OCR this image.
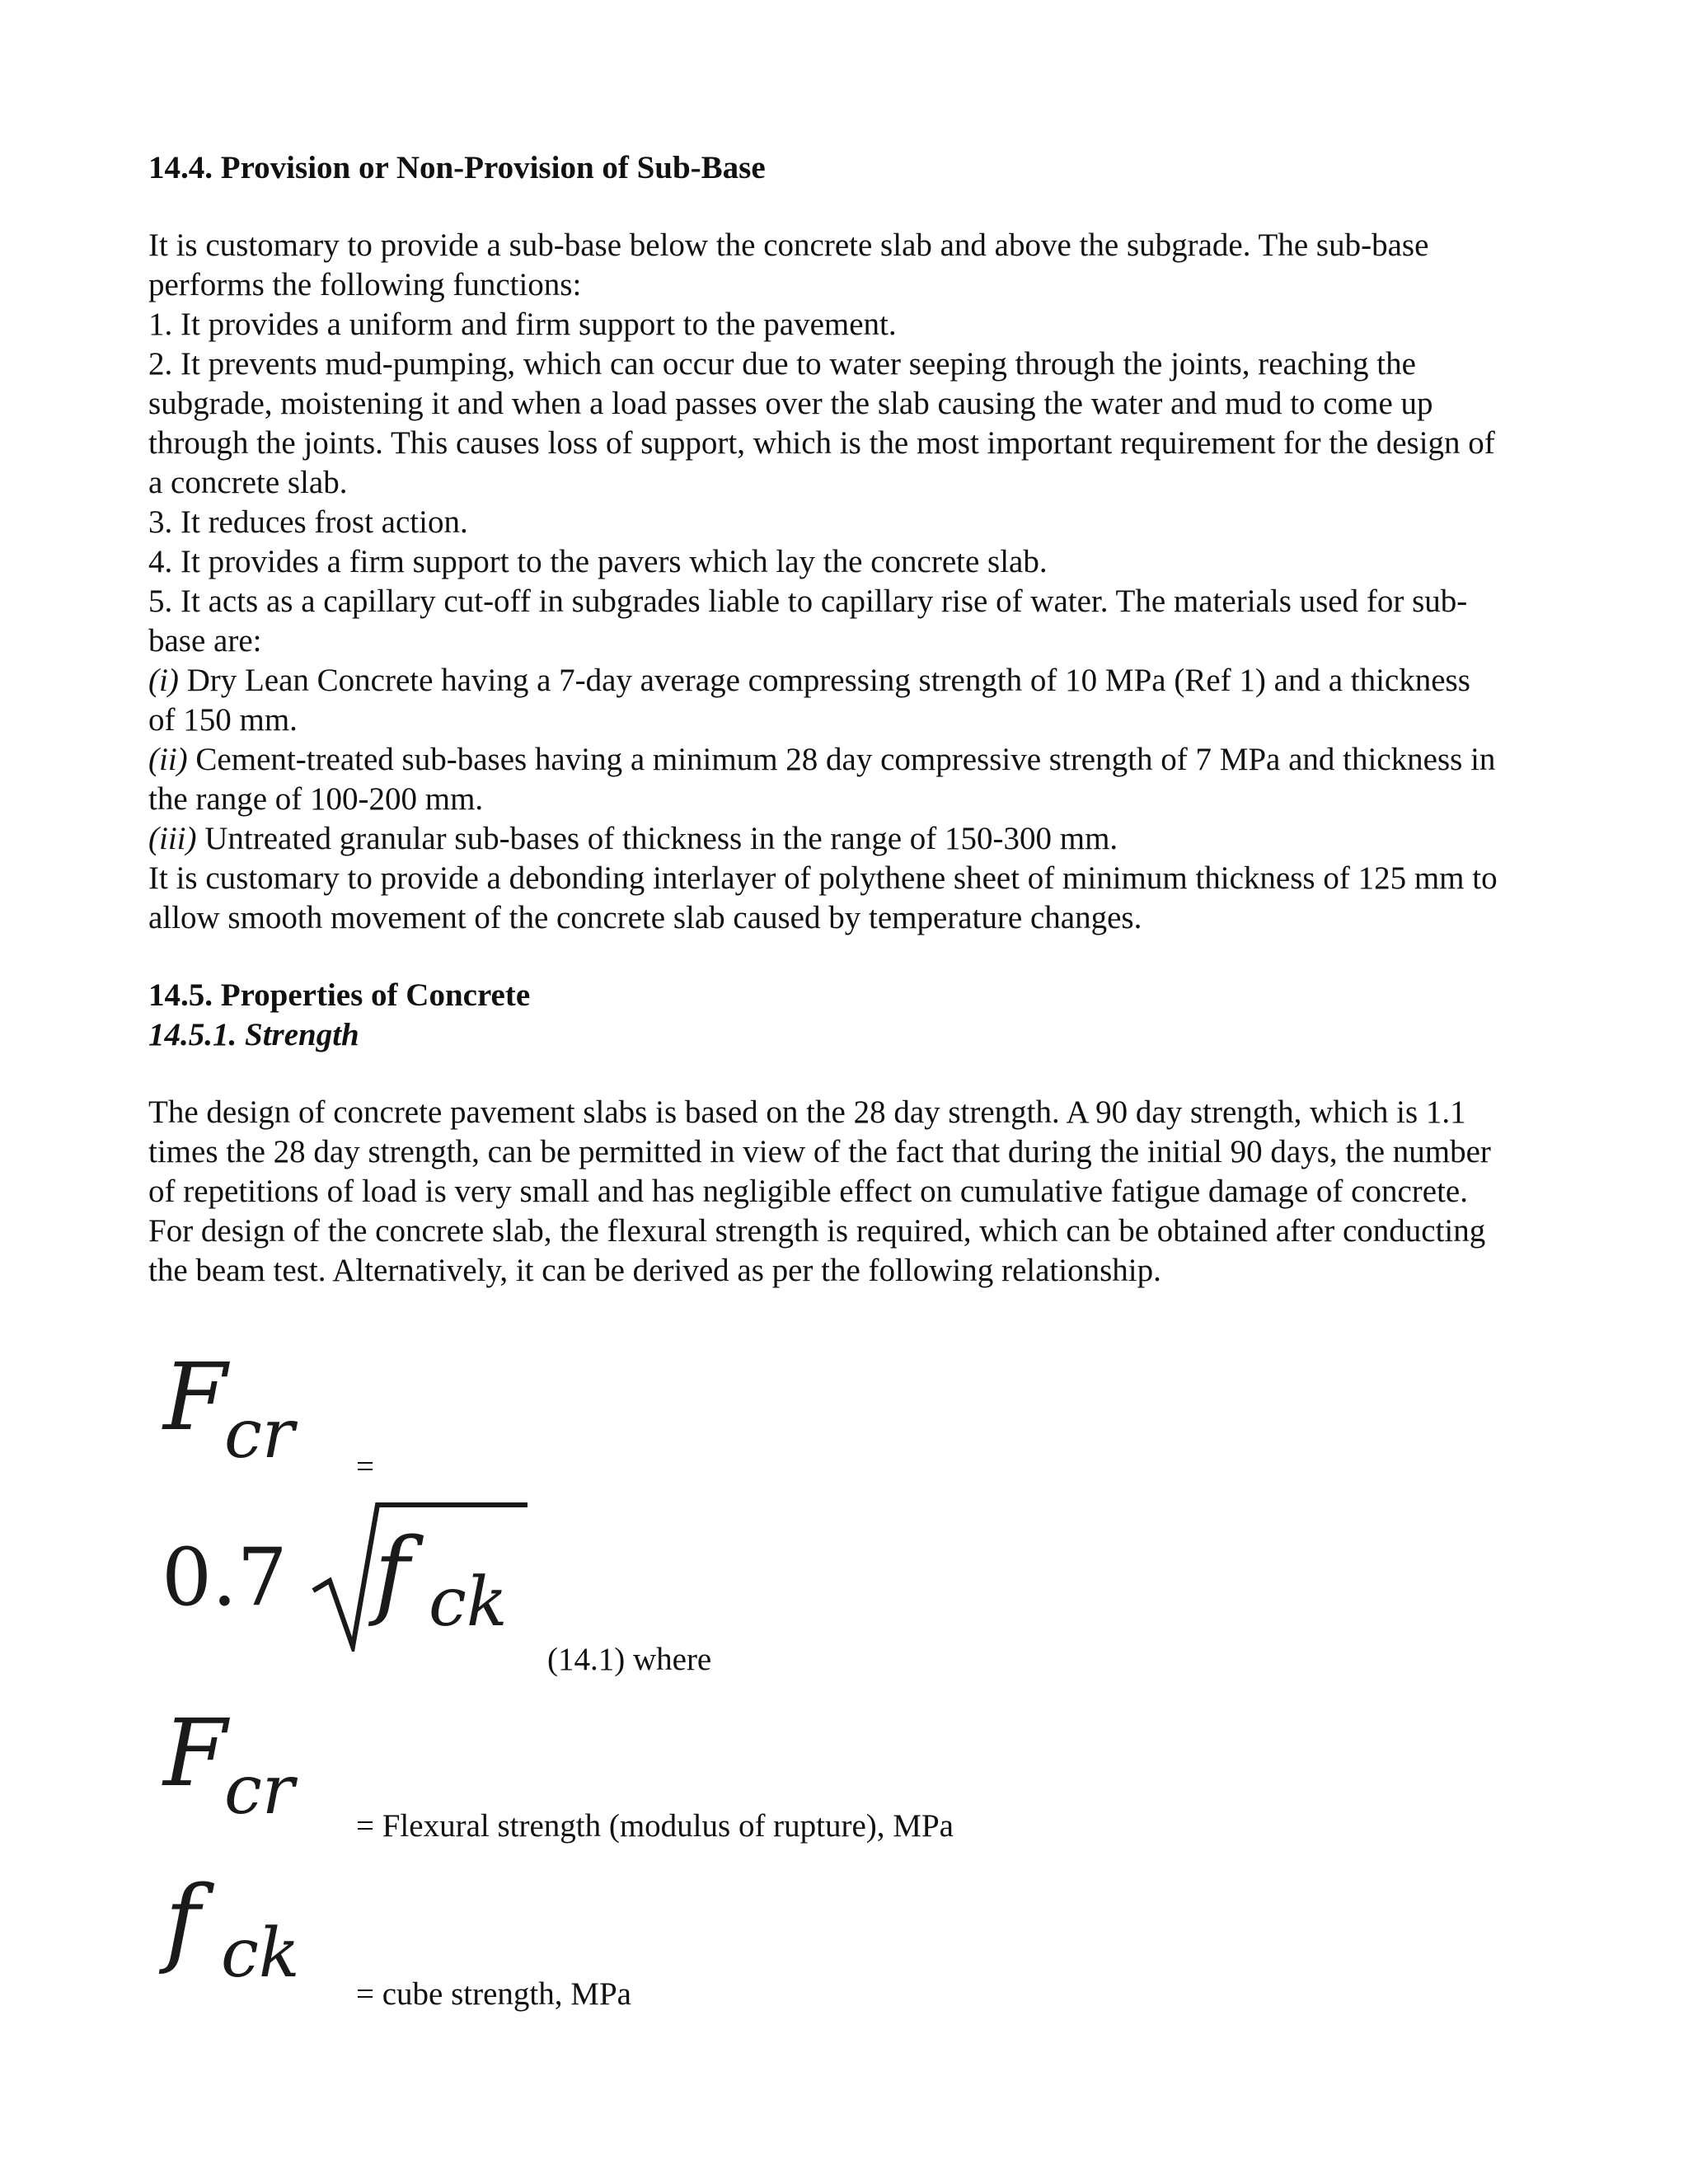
14.4. Provision or Non-Provision of Sub-Base

It is customary to provide a sub-base below the concrete slab and above the subgrade. The sub-base

performs the following functions:

1. It provides a uniform and firm support to the pavement.

2. It prevents mud-pumping, which can occur due to water seeping through the joints, reaching the

subgrade, moistening it and when a load passes over the slab causing the water and mud to come up

through the joints. This causes loss of support, which is the most important requirement for the design of

a concrete slab.

3. It reduces frost action.

4. It provides a firm support to the pavers which lay the concrete slab.

5. It acts as a capillary cut-off in subgrades liable to capillary rise of water. The materials used for sub-

base are:

(i) Dry Lean Concrete having a 7-day average compressing strength of 10 MPa (Ref 1) and a thickness

of 150 mm.

(ii) Cement-treated sub-bases having a minimum 28 day compressive strength of 7 MPa and thickness in

the range of 100-200 mm.

(iii) Untreated granular sub-bases of thickness in the range of 150-300 mm.

It is customary to provide a debonding interlayer of polythene sheet of minimum thickness of 125 mm to

allow smooth movement of the concrete slab caused by temperature changes.

14.5. Properties of Concrete

14.5.1. Strength

The design of concrete pavement slabs is based on the 28 day strength. A 90 day strength, which is 1.1

times the 28 day strength, can be permitted in view of the fact that during the initial 90 days, the number

of repetitions of load is very small and has negligible effect on cumulative fatigue damage of concrete.

For design of the concrete slab, the flexural strength is required, which can be obtained after conducting

the beam test. Alternatively, it can be derived as per the following relationship.

F
cr =
0.7 f ck
(14.1) where
F
cr = Flexural strength (modulus of rupture), MPa
f ck
= cube strength, MPa
